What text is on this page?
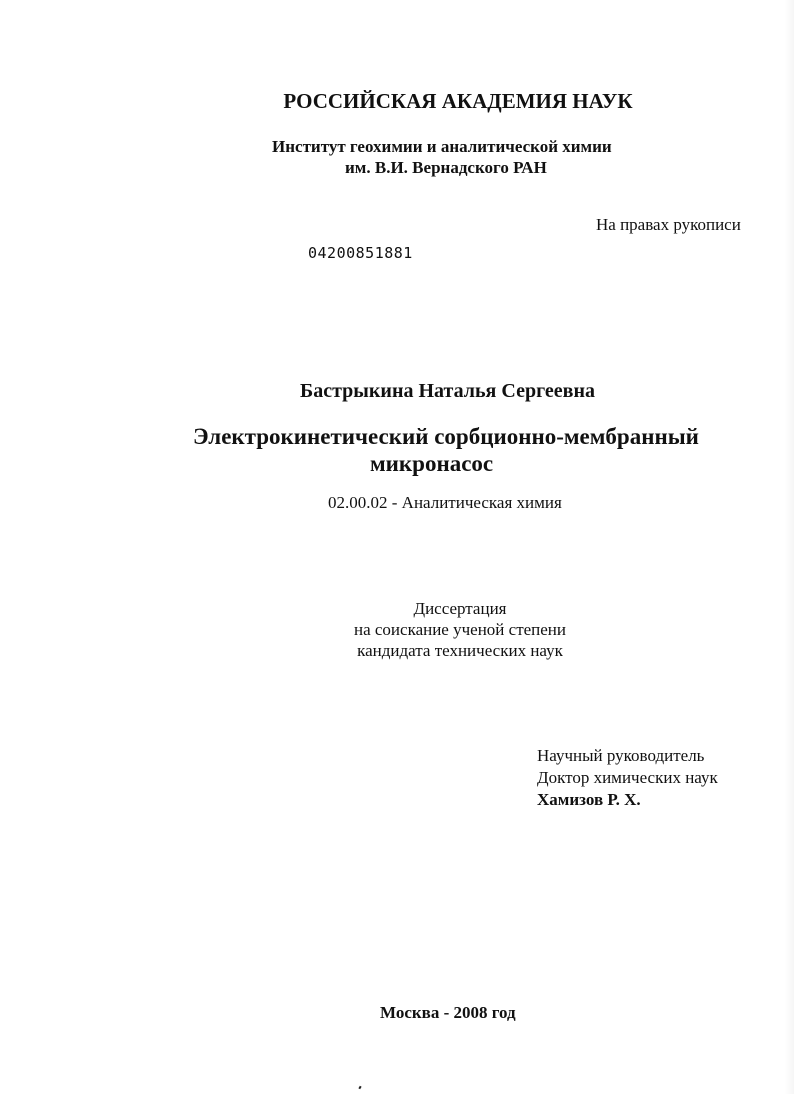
РОССИЙСКАЯ АКАДЕМИЯ НАУК
Институт геохимии и аналитической химии
им. В.И. Вернадского РАН
На правах рукописи
04200851881
Бастрыкина Наталья Сергеевна
Электрокинетический сорбционно-мембранный
микронасос
02.00.02 - Аналитическая химия
Диссертация
на соискание ученой степени
кандидата технических наук
Научный руководитель
Доктор химических наук
Хамизов Р. Х.
Москва - 2008 год
